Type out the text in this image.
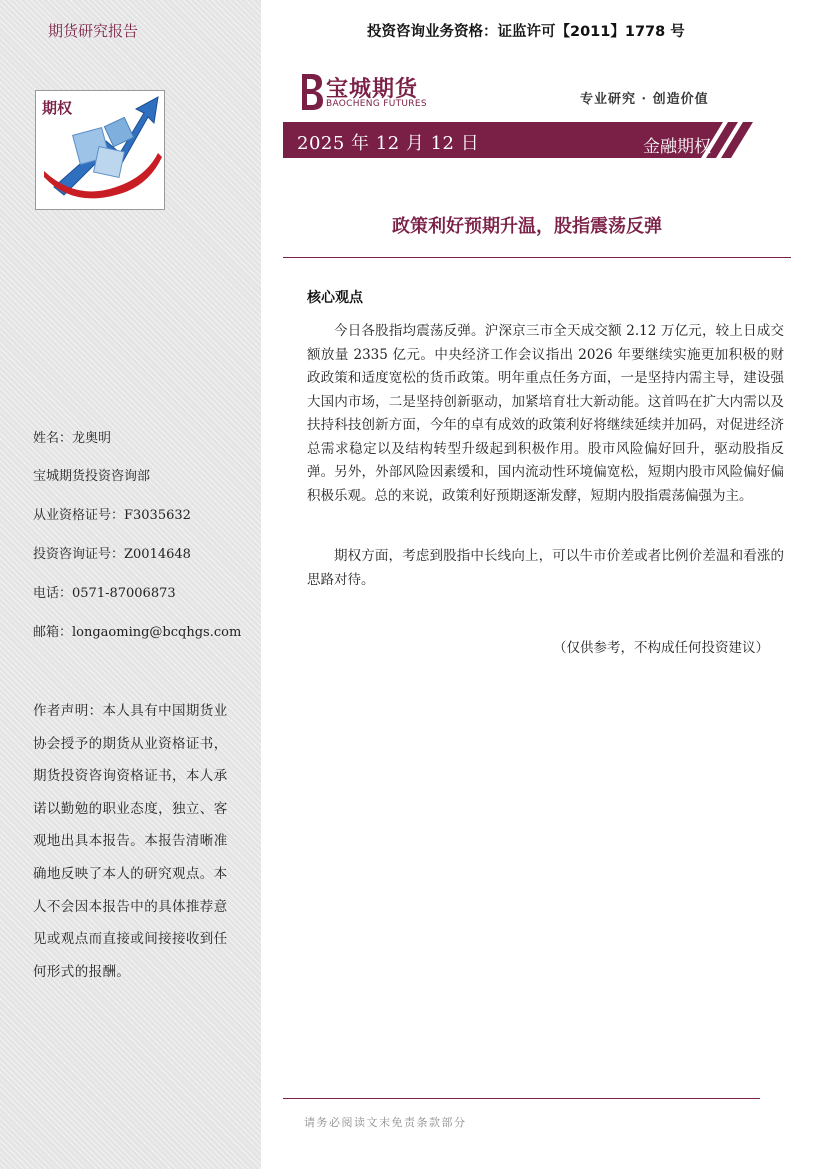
期货研究报告
期权
姓名：龙奥明
宝城期货投资咨询部
从业资格证号：F3035632
投资咨询证号：Z0014648
电话：0571-87006873
邮箱：longaoming@bcqhgs.com
作者声明：本人具有中国期货业协会授予的期货从业资格证书，期货投资咨询资格证书，本人承诺以勤勉的职业态度，独立、客观地出具本报告。本报告清晰准确地反映了本人的研究观点。本人不会因本报告中的具体推荐意见或观点而直接或间接接收到任何形式的报酬。
投资咨询业务资格：证监许可【2011】1778 号
宝城期货
BAOCHENG FUTURES	专业研究 · 创造价值
2025 年 12 月 12 日	金融期权
政策利好预期升温，股指震荡反弹
核心观点

今日各股指均震荡反弹。沪深京三市全天成交额 2.12 万亿元，较上日成交额放量 2335 亿元。中央经济工作会议指出 2026 年要继续实施更加积极的财政政策和适度宽松的货币政策。明年重点任务方面，一是坚持内需主导，建设强大国内市场，二是坚持创新驱动，加紧培育壮大新动能。这首吗在扩大内需以及扶持科技创新方面，今年的卓有成效的政策利好将继续延续并加码，对促进经济总需求稳定以及结构转型升级起到积极作用。股市风险偏好回升，驱动股指反弹。另外，外部风险因素缓和，国内流动性环境偏宽松，短期内股市风险偏好偏积极乐观。总的来说，政策利好预期逐渐发酵，短期内股指震荡偏强为主。

期权方面，考虑到股指中长线向上，可以牛市价差或者比例价差温和看涨的思路对待。

（仅供参考，不构成任何投资建议）
请务必阅读文末免责条款部分
